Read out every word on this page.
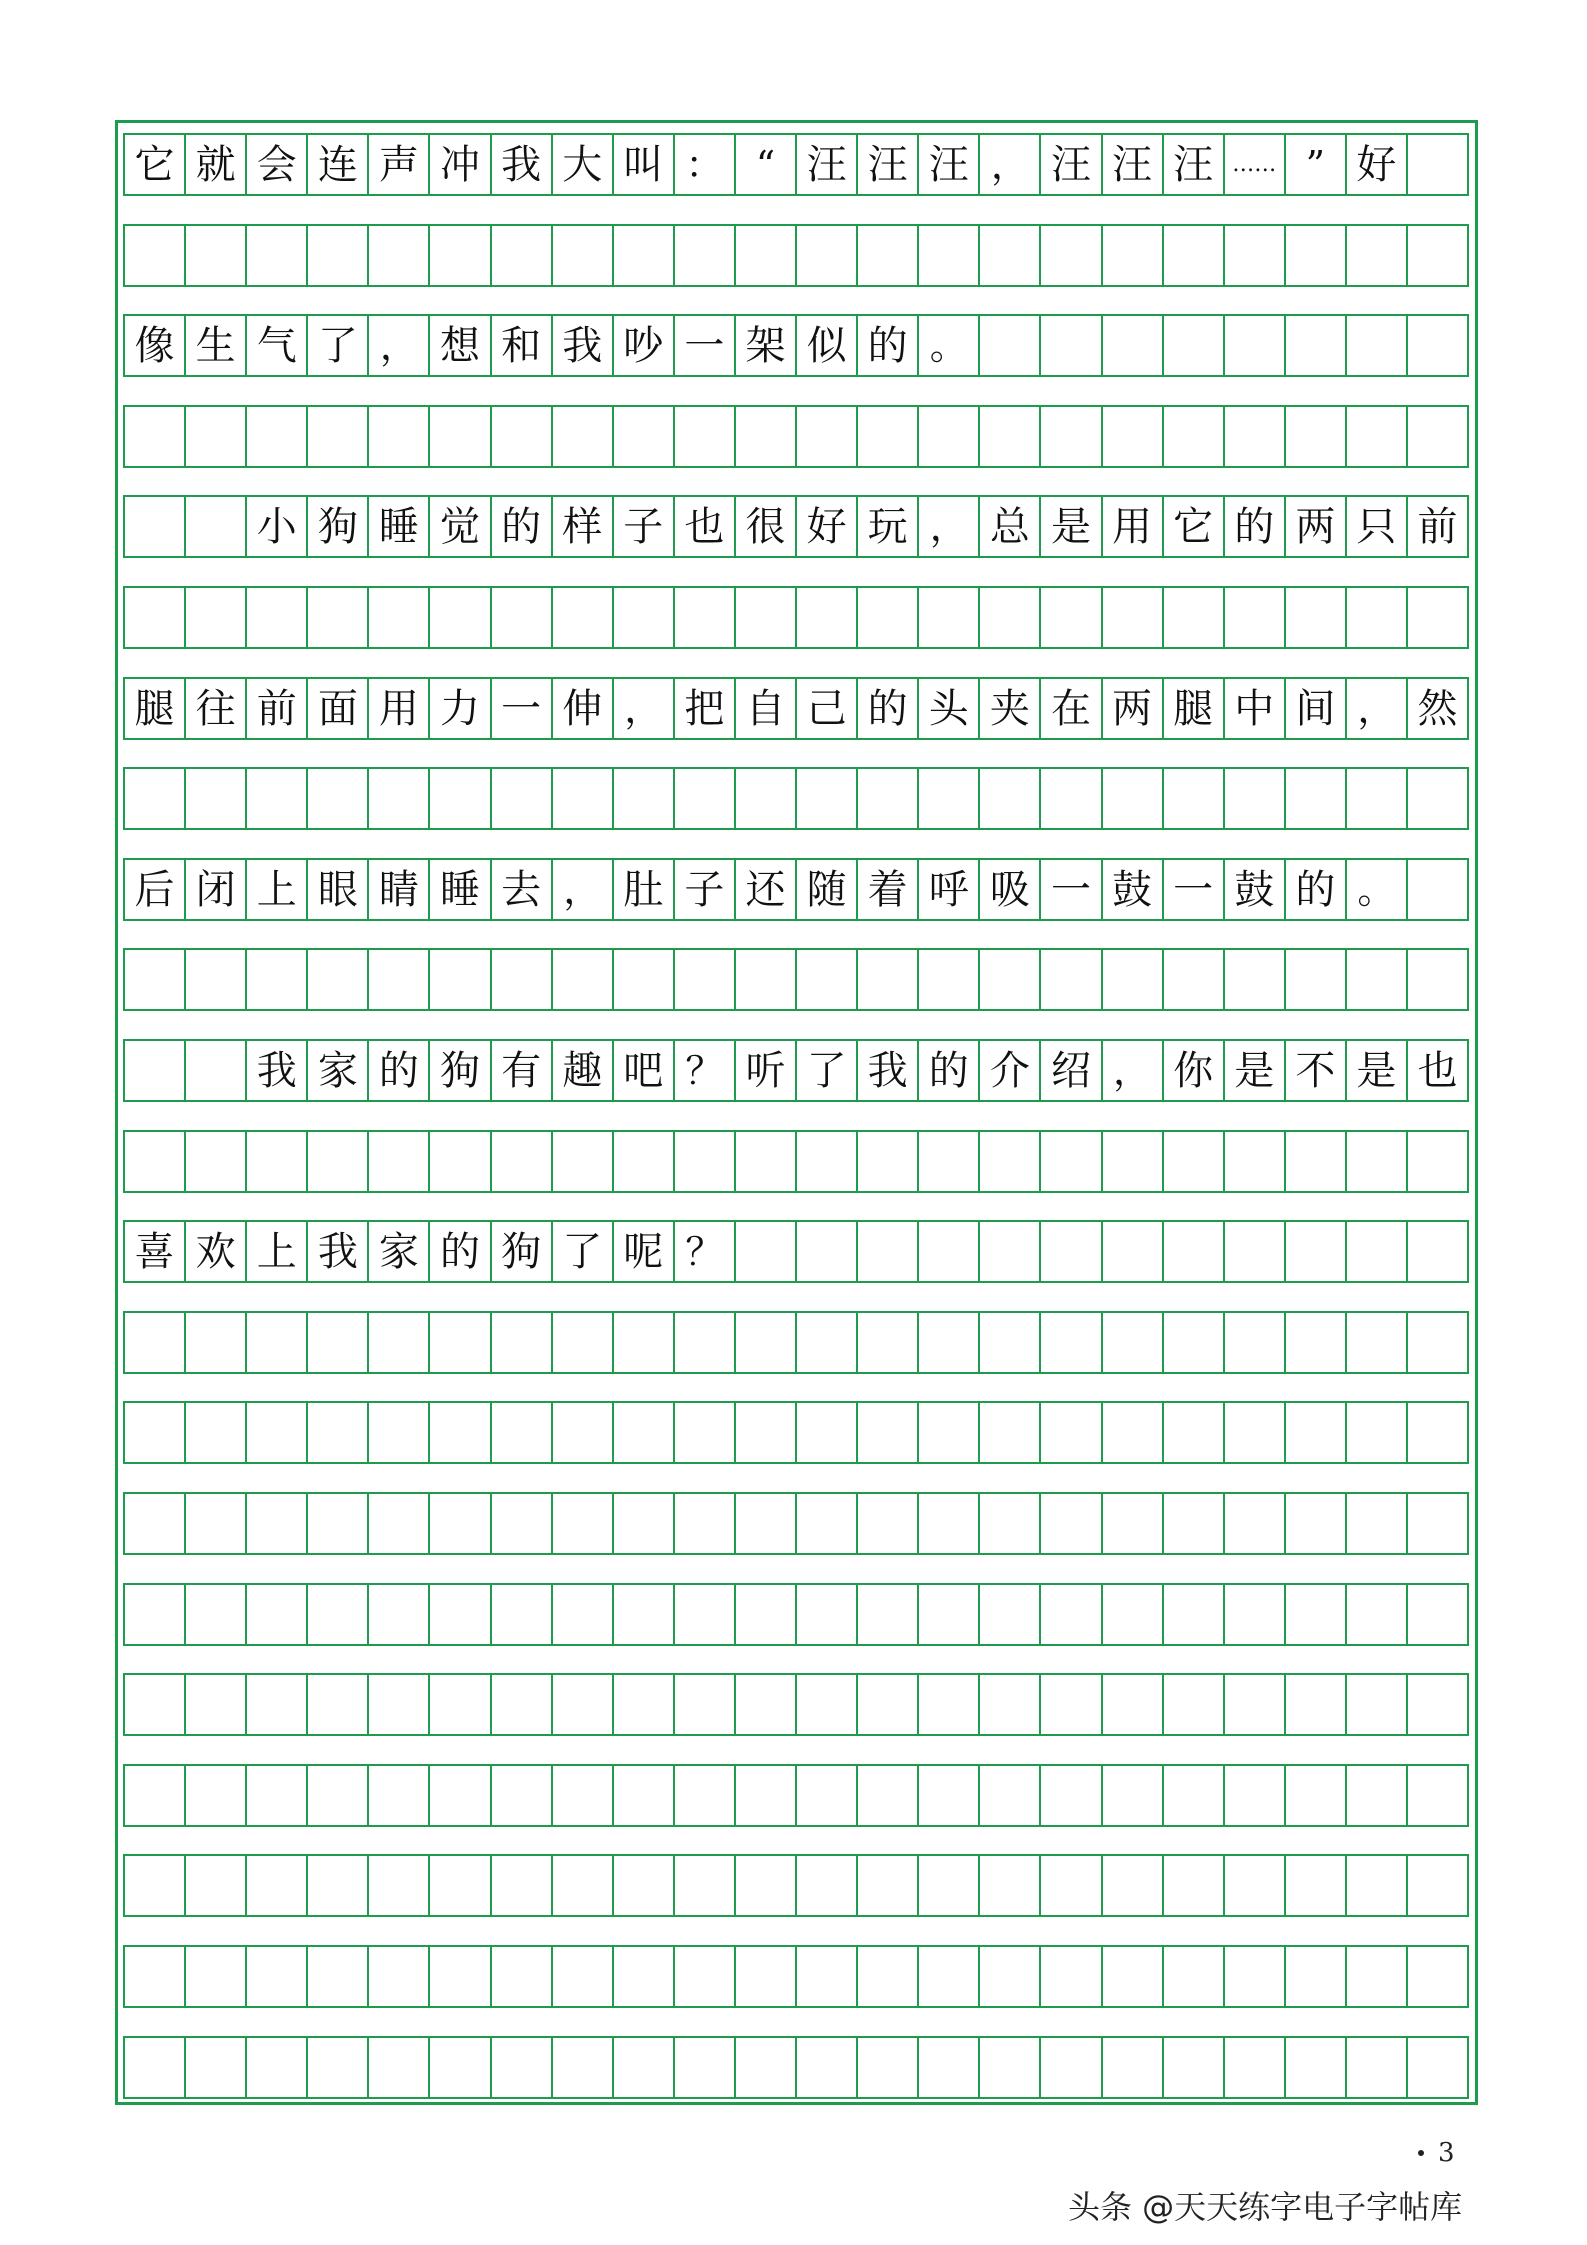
它 就 会 连 声 冲 我 大 叫 ： “ 汪 汪 汪 ， 汪 汪 汪 …… ” 好
像 生 气 了 ， 想 和 我 吵 一 架 似 的 。
小 狗 睡 觉 的 样 子 也 很 好 玩 ， 总 是 用 它 的 两 只 前
腿 往 前 面 用 力 一 伸 ， 把 自 己 的 头 夹 在 两 腿 中 间 ， 然
后 闭 上 眼 睛 睡 去 ， 肚 子 还 随 着 呼 吸 一 鼓 一 鼓 的 。
我 家 的 狗 有 趣 吧 ？ 听 了 我 的 介 绍 ， 你 是 不 是 也
喜 欢 上 我 家 的 狗 了 呢 ？
3
头条 @天天练字电子字帖库
